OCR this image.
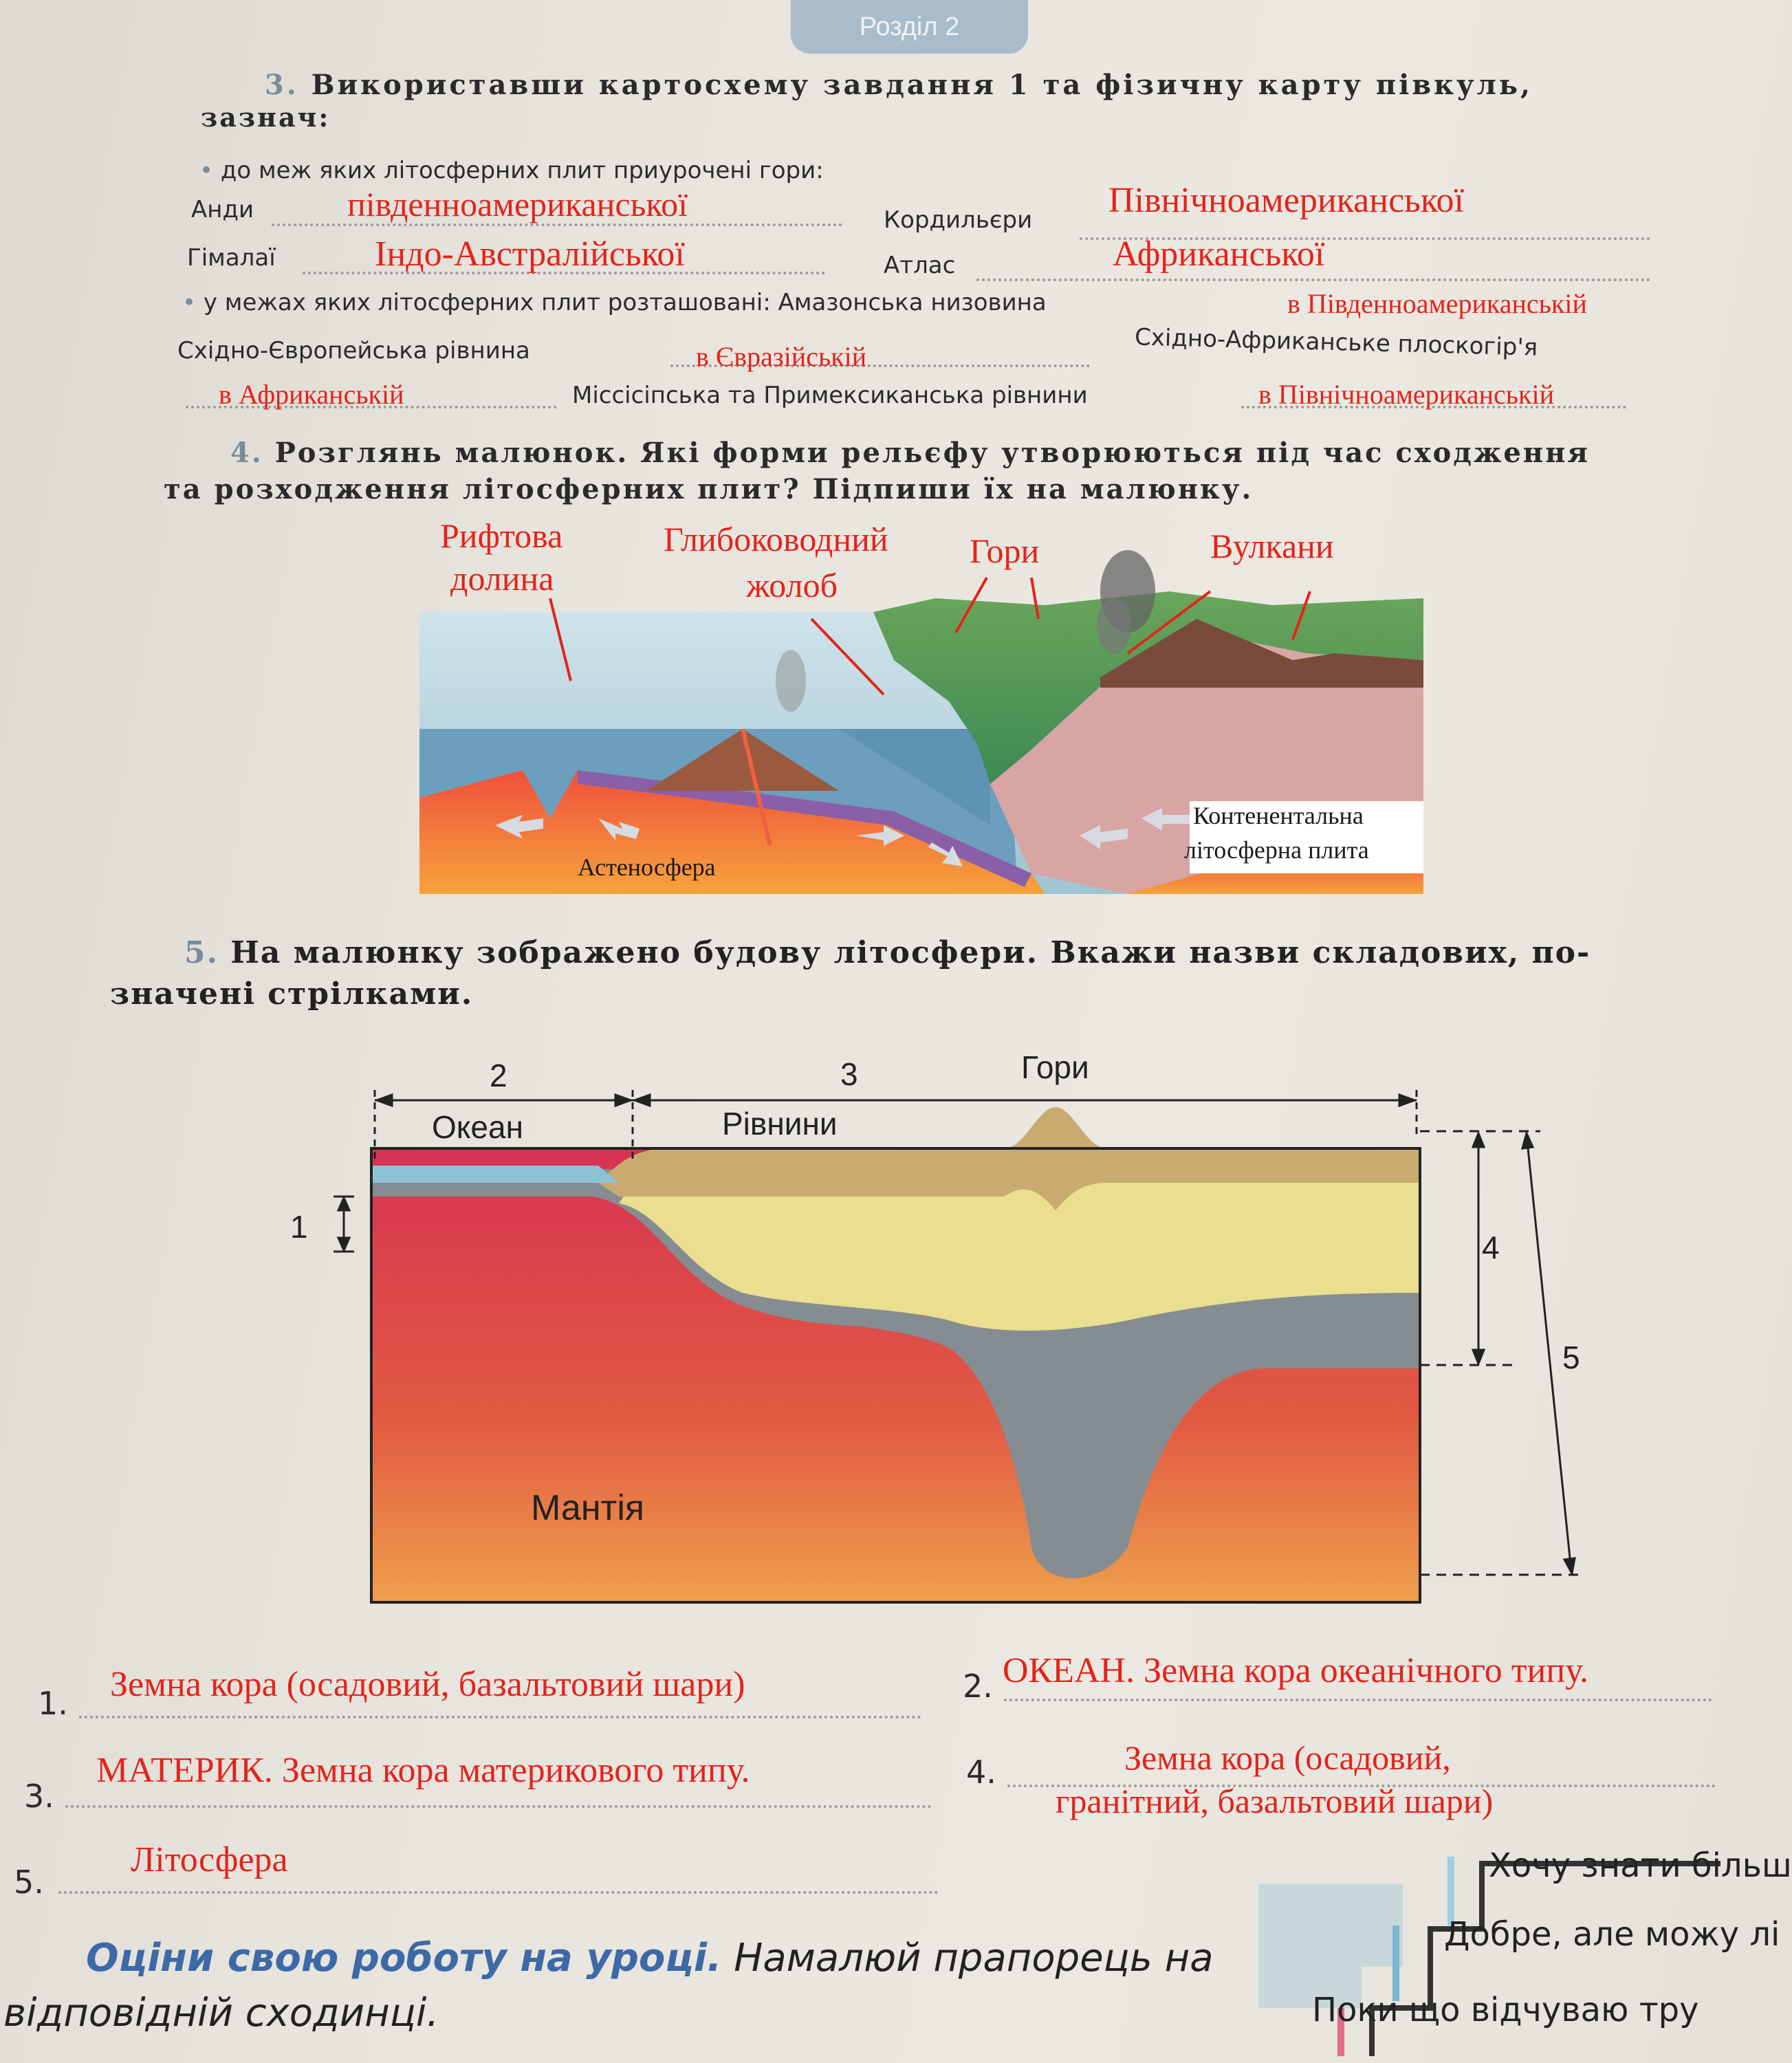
Розділ 2
3. Використавши картосхему завдання 1 та фізичну карту півкуль,
зазнач:
• до меж яких літосферних плит приурочені гори:
Анди	південноамериканської	Кордильєри Північноамериканської
Гімалаї	Індо-Австралійської	Атлас	Африканської
• у межах яких літосферних плит розташовані: Амазонська низовина	в Південноамериканській
Східно-Європейська рівнина	в Євразійській	Східно-Африканське плоскогір'я
в Африканській	Міссісіпська та Примексиканська рівнини	в Північноамериканській
4. Розглянь малюнок. Які форми рельєфу утворюються під час сходження
та розходження літосферних плит? Підпиши їх на малюнку.
Рифтова
долина
Глибоководний
жолоб
Гори	Вулкани
Астеносфера
Контенентальна
літосферна плита
5. На малюнку зображено будову літосфери. Вкажи назви складових, по-
значені стрілками.
2	3	Гори
Океан	Рівнини
1
4
5
Мантія
1. Земна кора (осадовий, базальтовий шари)	2. ОКЕАН. Земна кора океанічного типу.
3.
МАТЕРИК. Земна кора материкового типу.	4.	Земна кора (осадовий,
гранітний, базальтовий шари)
5.
Літосфера
Оціни свою роботу на уроці. Намалюй прапорець на
відповідній сходинці.
Хочу знати більш
Добре, але можу лі
Поки що відчуваю тру
